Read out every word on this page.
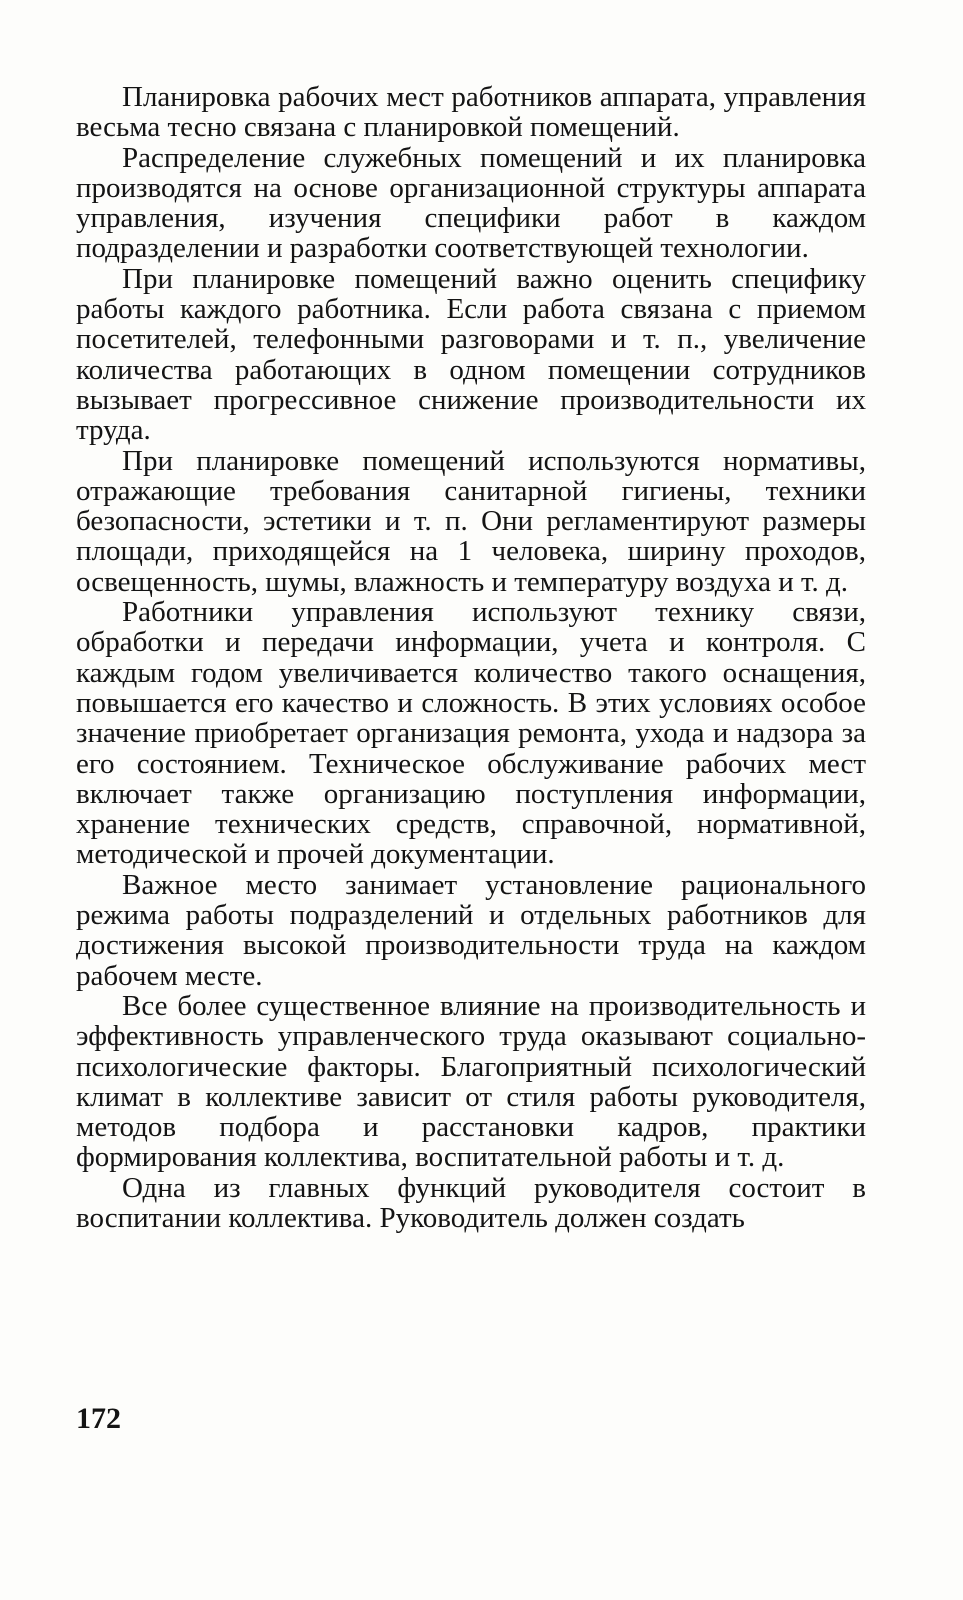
Планировка рабочих мест работников аппарата, управления весьма тесно связана с планировкой помещений.

Распределение служебных помещений и их планировка производятся на основе организационной структуры аппарата управления, изучения специфики работ в каждом подразделении и разработки соответствующей технологии.

При планировке помещений важно оценить специфику работы каждого работника. Если работа связана с приемом посетителей, телефонными разговорами и т. п., увеличение количества работающих в одном помещении сотрудников вызывает прогрессивное снижение производительности их труда.

При планировке помещений используются нормативы, отражающие требования санитарной гигиены, техники безопасности, эстетики и т. п. Они регламентируют размеры площади, приходящейся на 1 человека, ширину проходов, освещенность, шумы, влажность и температуру воздуха и т. д.

Работники управления используют технику связи, обработки и передачи информации, учета и контроля. С каждым годом увеличивается количество такого оснащения, повышается его качество и сложность. В этих условиях особое значение приобретает организация ремонта, ухода и надзора за его состоянием. Техническое обслуживание рабочих мест включает также организацию поступления информации, хранение технических средств, справочной, нормативной, методической и прочей документации.

Важное место занимает установление рационального режима работы подразделений и отдельных работников для достижения высокой производительности труда на каждом рабочем месте.

Все более существенное влияние на производительность и эффективность управленческого труда оказывают социально-психологические факторы. Благоприятный психологический климат в коллективе зависит от стиля работы руководителя, методов подбора и расстановки кадров, практики формирования коллектива, воспитательной работы и т. д.

Одна из главных функций руководителя состоит в воспитании коллектива. Руководитель должен создать

172
